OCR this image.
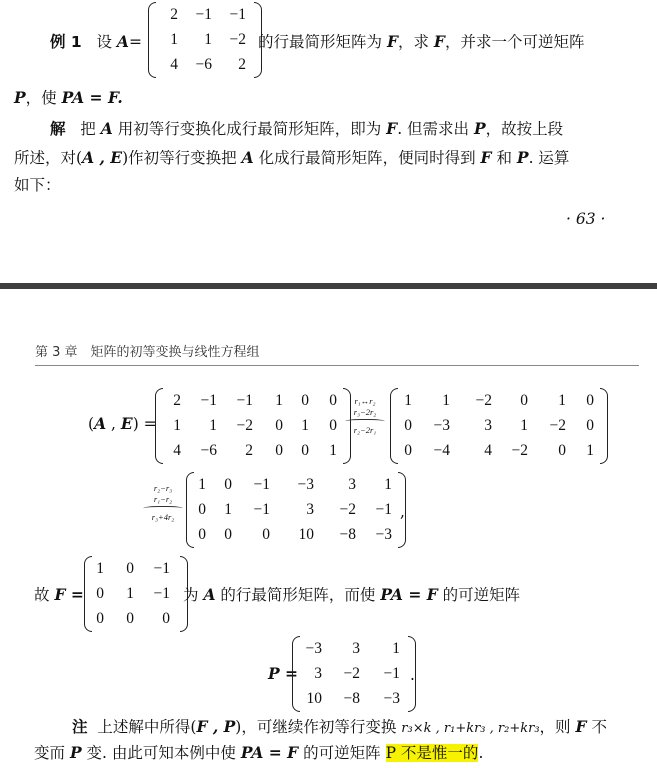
例 1 设 A=
2	−1	−1
1	1	−2
4	−6	2
的行最简形矩阵为 F，求 F，并求一个可逆矩阵
P，使 PA = F.
解 把 A 用初等行变换化成行最简形矩阵，即为 F. 但需求出 P，故按上段
所述，对(A , E)作初等行变换把 A 化成行最简形矩阵，便同时得到 F 和 P. 运算
如下：
· 63 ·
第 3 章　矩阵的初等变换与线性方程组
(A , E) =
2	−1	−1	1	0	0
1	1	−2	0	1	0
4	−6	2	0	0	1
r₁↔r₂
r₃−2r₂
r₂−2r₁
1	1	−2	0	1	0
0	−3	3	1	−2	0
0	−4	4	−2	0	1
r₂−r₃
r₁−r₂
r₃+4r₂
1	0	−1	−3	3	1
0	1	−1	3	−2	−1
0	0	0	10	−8	−3
,
故 F =
1	0	−1
0	1	−1
0	0	0
为 A 的行最简形矩阵，而使 PA = F 的可逆矩阵
P =
−3	3	1
3	−2	−1
10	−8	−3
.
注 上述解中所得(F , P)，可继续作初等行变换 r₃×k , r₁+kr₃ , r₂+kr₃，则 F 不
变而 P 变. 由此可知本例中使 PA = F 的可逆矩阵 P 不是惟一的.
